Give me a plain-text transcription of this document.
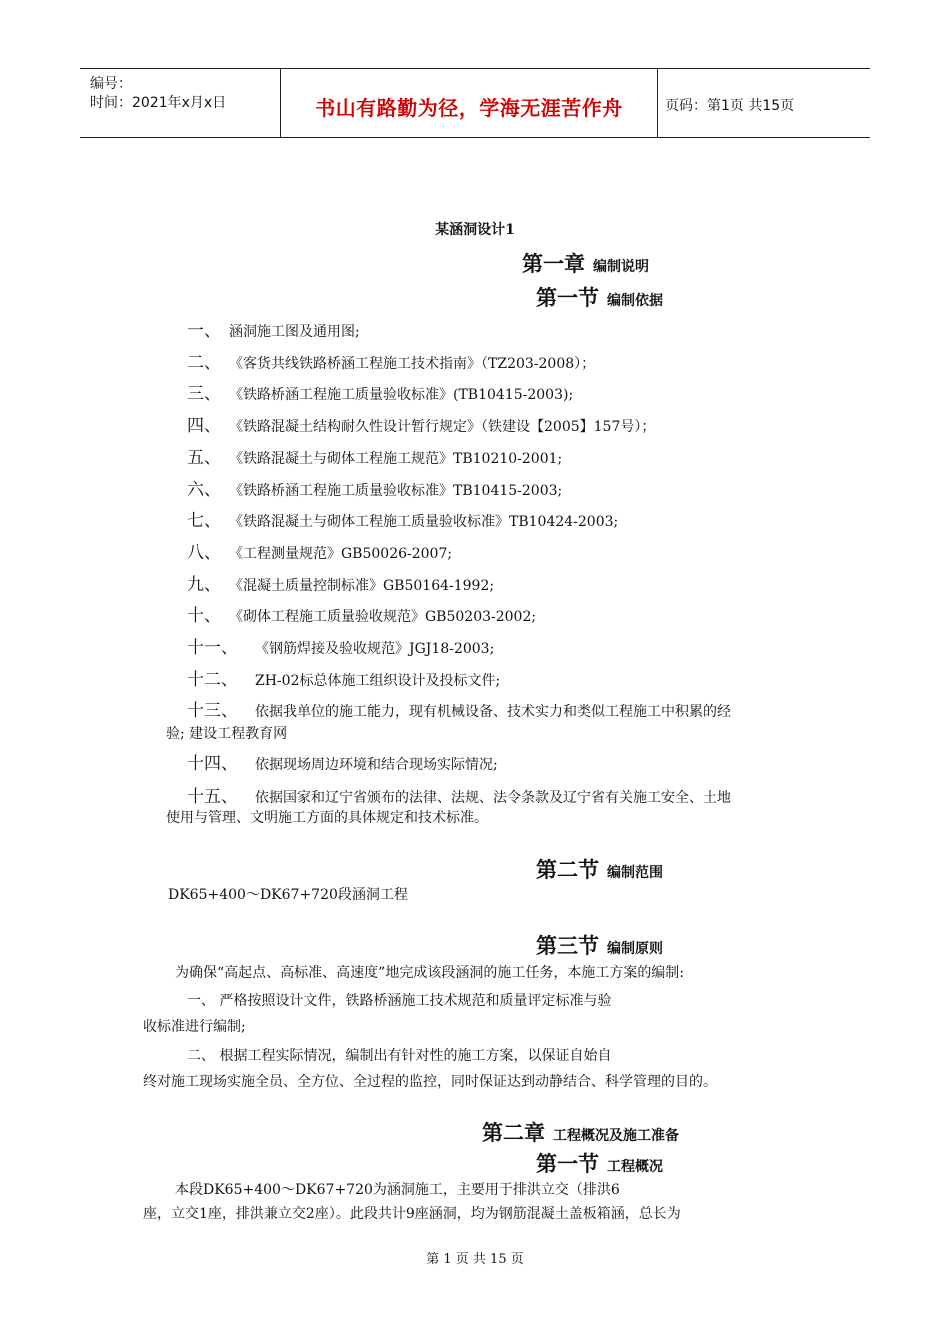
编号：
时间：2021年x月x日	书山有路勤为径，学海无涯苦作舟	页码：第1页 共15页
某涵洞设计1
第一章 编制说明
第一节 编制依据
一、 涵洞施工图及通用图;
二、 《客货共线铁路桥涵工程施工技术指南》（TZ203-2008）；
三、 《铁路桥涵工程施工质量验收标准》(TB10415-2003);
四、 《铁路混凝土结构耐久性设计暂行规定》（铁建设【2005】157号）；
五、 《铁路混凝土与砌体工程施工规范》TB10210-2001;
六、 《铁路桥涵工程施工质量验收标准》TB10415-2003;
七、 《铁路混凝土与砌体工程施工质量验收标准》TB10424-2003;
八、 《工程测量规范》GB50026-2007;
九、 《混凝土质量控制标准》GB50164-1992;
十、 《砌体工程施工质量验收规范》GB50203-2002;
十一、 《钢筋焊接及验收规范》JGJ18-2003;
十二、 ZH-02标总体施工组织设计及投标文件;
十三、 依据我单位的施工能力，现有机械设备、技术实力和类似工程施工中积累的经
验; 建设工程教育网
十四、 依据现场周边环境和结合现场实际情况;
十五、 依据国家和辽宁省颁布的法律、法规、法令条款及辽宁省有关施工安全、土地
使用与管理、文明施工方面的具体规定和技术标准。
第二节 编制范围
DK65+400～DK67+720段涵洞工程
第三节 编制原则
为确保“高起点、高标准、高速度”地完成该段涵洞的施工任务，本施工方案的编制:
一、 严格按照设计文件，铁路桥涵施工技术规范和质量评定标准与验
收标准进行编制;
二、 根据工程实际情况，编制出有针对性的施工方案，以保证自始自
终对施工现场实施全员、全方位、全过程的监控，同时保证达到动静结合、科学管理的目的。
第二章 工程概况及施工准备
第一节 工程概况
本段DK65+400～DK67+720为涵洞施工，主要用于排洪立交（排洪6
座，立交1座，排洪兼立交2座）。此段共计9座涵洞，均为钢筋混凝土盖板箱涵，总长为
第 1 页 共 15 页
